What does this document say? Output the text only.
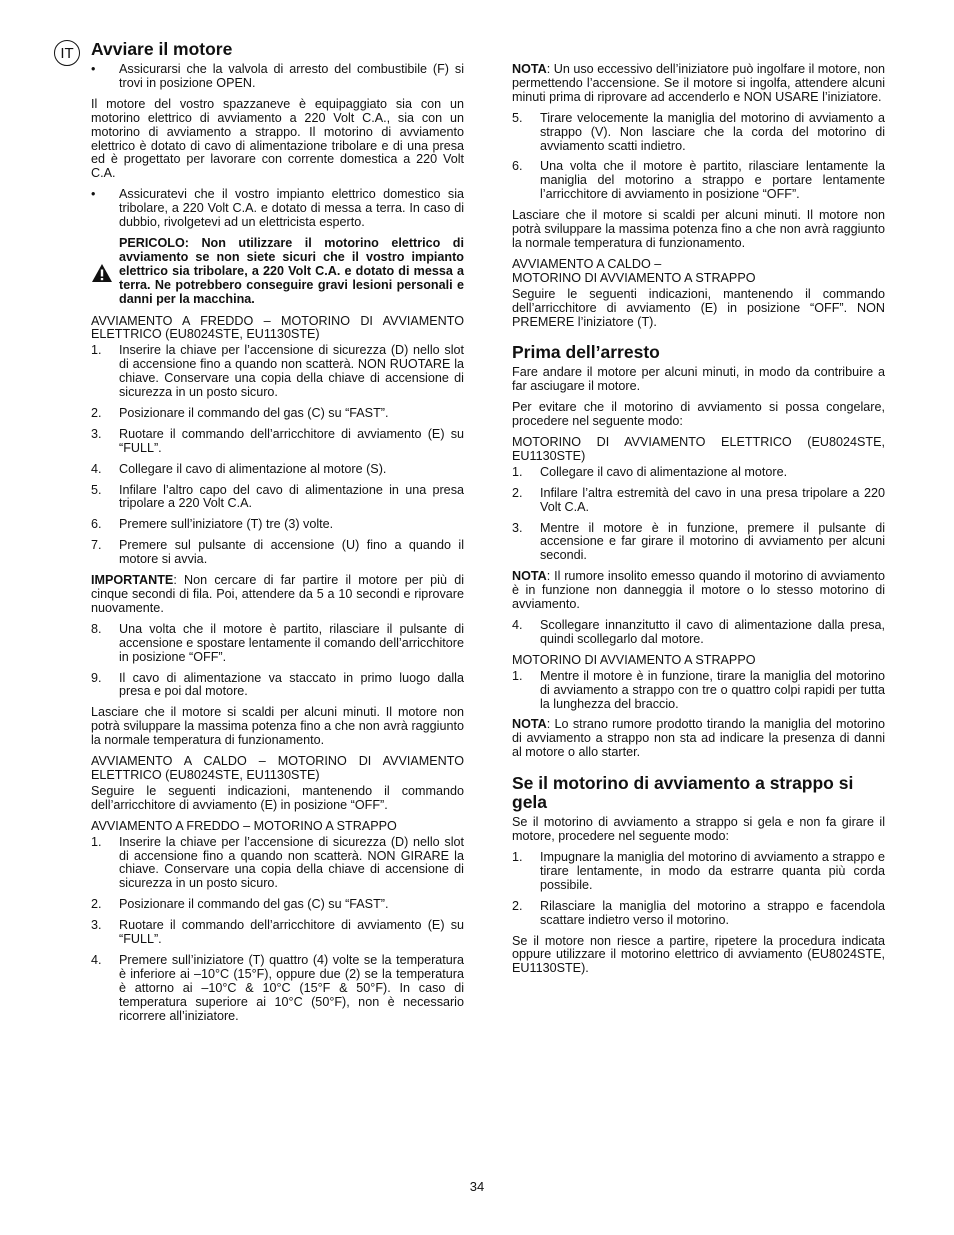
IT Avviare il motore
• Assicurarsi che la valvola di arresto del combustibile (F) si trovi in posizione OPEN.

Il motore del vostro spazzaneve è equipaggiato sia con un motorino elettrico di avviamento a 220 Volt C.A., sia con un motorino di avviamento a strappo. Il motorino di avviamento elettrico è dotato di cavo di alimentazione tribolare e di una presa ed è progettato per lavorare con corrente domestica a 220 Volt C.A.

• Assicuratevi che il vostro impianto elettrico domestico sia tribolare, a 220 Volt C.A. e dotato di messa a terra. In caso di dubbio, rivolgetevi ad un elettricista esperto.

PERICOLO: Non utilizzare il motorino elettrico di avviamento se non siete sicuri che il vostro impianto elettrico sia tribolare, a 220 Volt C.A. e dotato di messa a terra. Ne potrebbero conseguire gravi lesioni personali e danni per la macchina.

AVVIAMENTO A FREDDO – MOTORINO DI AVVIAMENTO ELETTRICO (EU8024STE, EU1130STE)

1. Inserire la chiave per l’accensione di sicurezza (D) nello slot di accensione fino a quando non scatterà. NON RUOTARE la chiave. Conservare una copia della chiave di accensione di sicurezza in un posto sicuro.
2. Posizionare il commando del gas (C) su “FAST”.
3. Ruotare il commando dell’arricchitore di avviamento (E) su “FULL”.
4. Collegare il cavo di alimentazione al motore (S).
5. Infilare l’altro capo del cavo di alimentazione in una presa tripolare a 220 Volt C.A.
6. Premere sull’iniziatore (T) tre (3) volte.
7. Premere sul pulsante di accensione (U) fino a quando il motore si avvia.

IMPORTANTE: Non cercare di far partire il motore per più di cinque secondi di fila. Poi, attendere da 5 a 10 secondi e riprovare nuovamente.

8. Una volta che il motore è partito, rilasciare il pulsante di accensione e spostare lentamente il comando dell’arricchitore in posizione “OFF”.
9. Il cavo di alimentazione va staccato in primo luogo dalla presa e poi dal motore.

Lasciare che il motore si scaldi per alcuni minuti. Il motore non potrà sviluppare la massima potenza fino a che non avrà raggiunto la normale temperatura di funzionamento.

AVVIAMENTO A CALDO – MOTORINO DI AVVIAMENTO ELETTRICO (EU8024STE, EU1130STE)

Seguire le seguenti indicazioni, mantenendo il commando dell’arricchitore di avviamento (E) in posizione “OFF”.

AVVIAMENTO A FREDDO – MOTORINO A STRAPPO

1. Inserire la chiave per l’accensione di sicurezza (D) nello slot di accensione fino a quando non scatterà. NON GIRARE la chiave. Conservare una copia della chiave di accensione di sicurezza in un posto sicuro.
2. Posizionare il commando del gas (C) su “FAST”.
3. Ruotare il commando dell’arricchitore di avviamento (E) su “FULL”.
4. Premere sull’iniziatore (T) quattro (4) volte se la temperatura è inferiore ai –10°C (15°F), oppure due (2) se la temperatura è attorno ai –10°C & 10°C (15°F & 50°F). In caso di temperatura superiore ai 10°C (50°F), non è necessario ricorrere all’iniziatore.

NOTA: Un uso eccessivo dell’iniziatore può ingolfare il motore, non permettendo l’accensione. Se il motore si ingolfa, attendere alcuni minuti prima di riprovare ad accenderlo e NON USARE l’iniziatore.

5. Tirare velocemente la maniglia del motorino di avviamento a strappo (V). Non lasciare che la corda del motorino di avviamento scatti indietro.
6. Una volta che il motore è partito, rilasciare lentamente la maniglia del motorino a strappo e portare lentamente l’arricchitore di avviamento in posizione “OFF”.

Lasciare che il motore si scaldi per alcuni minuti. Il motore non potrà sviluppare la massima potenza fino a che non avrà raggiunto la normale temperatura di funzionamento.

AVVIAMENTO A CALDO –

MOTORINO DI AVVIAMENTO A STRAPPO

Seguire le seguenti indicazioni, mantenendo il commando dell’arricchitore di avviamento (E) in posizione “OFF”. NON PREMERE l’iniziatore (T).

Prima dell’arresto

Fare andare il motore per alcuni minuti, in modo da contribuire a far asciugare il motore.

Per evitare che il motorino di avviamento si possa congelare, procedere nel seguente modo:

MOTORINO DI AVVIAMENTO ELETTRICO (EU8024STE, EU1130STE)

1. Collegare il cavo di alimentazione al motore.
2. Infilare l’altra estremità del cavo in una presa tripolare a 220 Volt C.A.
3. Mentre il motore è in funzione, premere il pulsante di accensione e far girare il motorino di avviamento per alcuni secondi.

NOTA: Il rumore insolito emesso quando il motorino di avviamento è in funzione non danneggia il motore o lo stesso motorino di avviamento.

4. Scollegare innanzitutto il cavo di alimentazione dalla presa, quindi scollegarlo dal motore.

MOTORINO DI AVVIAMENTO A STRAPPO

1. Mentre il motore è in funzione, tirare la maniglia del motorino di avviamento a strappo con tre o quattro colpi rapidi per tutta la lunghezza del braccio.

NOTA: Lo strano rumore prodotto tirando la maniglia del motorino di avviamento a strappo non sta ad indicare la presenza di danni al motore o allo starter.

Se il motorino di avviamento a strappo si gela

Se il motorino di avviamento a strappo si gela e non fa girare il motore, procedere nel seguente modo:

1. Impugnare la maniglia del motorino di avviamento a strappo e tirare lentamente, in modo da estrarre quanta più corda possibile.
2. Rilasciare la maniglia del motorino a strappo e facendola scattare indietro verso il motorino.

Se il motore non riesce a partire, ripetere la procedura indicata oppure utilizzare il motorino elettrico di avviamento (EU8024STE, EU1130STE).

34
